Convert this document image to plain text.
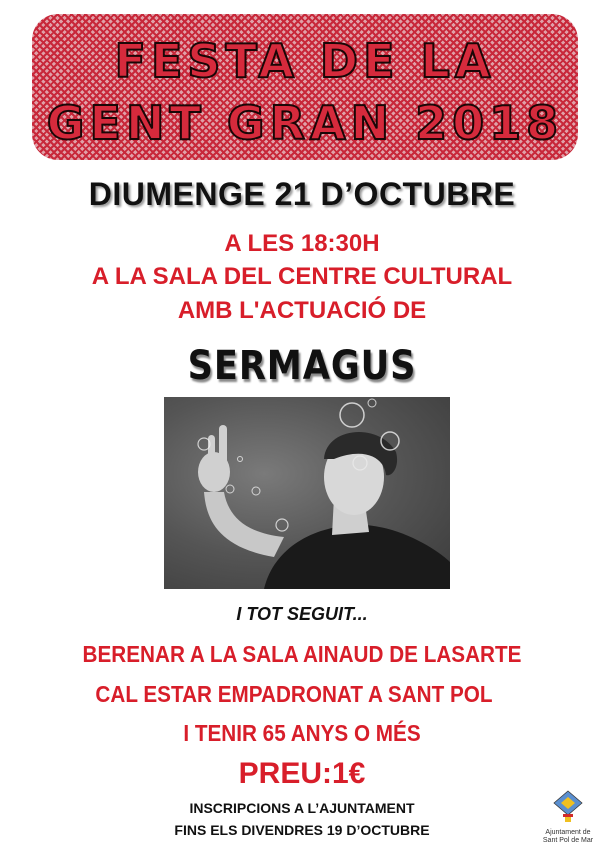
FESTA DE LA
GENT GRAN 2018
DIUMENGE 21 D’OCTUBRE
A LES 18:30H
A LA SALA DEL CENTRE CULTURAL
AMB L'ACTUACIÓ DE
SERMAGUS
I TOT SEGUIT...
BERENAR A LA SALA AINAUD DE LASARTE
CAL ESTAR EMPADRONAT A SANT POL
I TENIR 65 ANYS O MÉS
PREU:1€
INSCRIPCIONS A L’AJUNTAMENT
FINS ELS DIVENDRES 19 D’OCTUBRE	Ajuntament de
Sant Pol de Mar
